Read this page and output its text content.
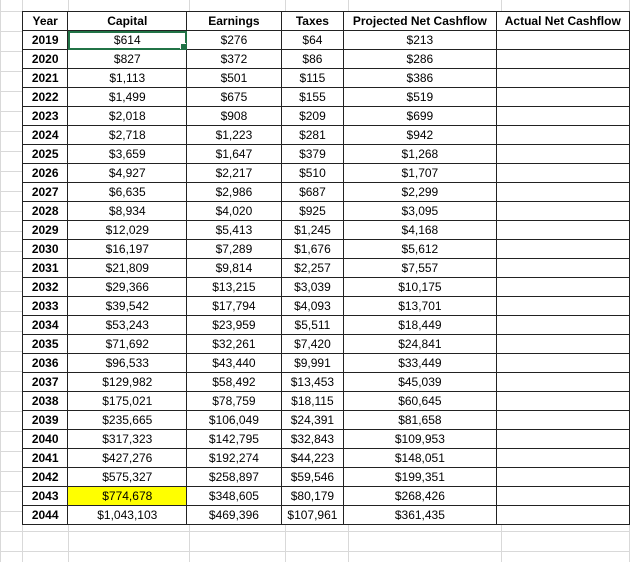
Year	Capital	Earnings	Taxes	Projected Net Cashflow	Actual Net Cashflow
2019	$614	$276	$64	$213	
2020	$827	$372	$86	$286	
2021	$1,113	$501	$115	$386	
2022	$1,499	$675	$155	$519	
2023	$2,018	$908	$209	$699	
2024	$2,718	$1,223	$281	$942	
2025	$3,659	$1,647	$379	$1,268	
2026	$4,927	$2,217	$510	$1,707	
2027	$6,635	$2,986	$687	$2,299	
2028	$8,934	$4,020	$925	$3,095	
2029	$12,029	$5,413	$1,245	$4,168	
2030	$16,197	$7,289	$1,676	$5,612	
2031	$21,809	$9,814	$2,257	$7,557	
2032	$29,366	$13,215	$3,039	$10,175	
2033	$39,542	$17,794	$4,093	$13,701	
2034	$53,243	$23,959	$5,511	$18,449	
2035	$71,692	$32,261	$7,420	$24,841	
2036	$96,533	$43,440	$9,991	$33,449	
2037	$129,982	$58,492	$13,453	$45,039	
2038	$175,021	$78,759	$18,115	$60,645	
2039	$235,665	$106,049	$24,391	$81,658	
2040	$317,323	$142,795	$32,843	$109,953	
2041	$427,276	$192,274	$44,223	$148,051	
2042	$575,327	$258,897	$59,546	$199,351	
2043	$774,678	$348,605	$80,179	$268,426	
2044	$1,043,103	$469,396	$107,961	$361,435	
